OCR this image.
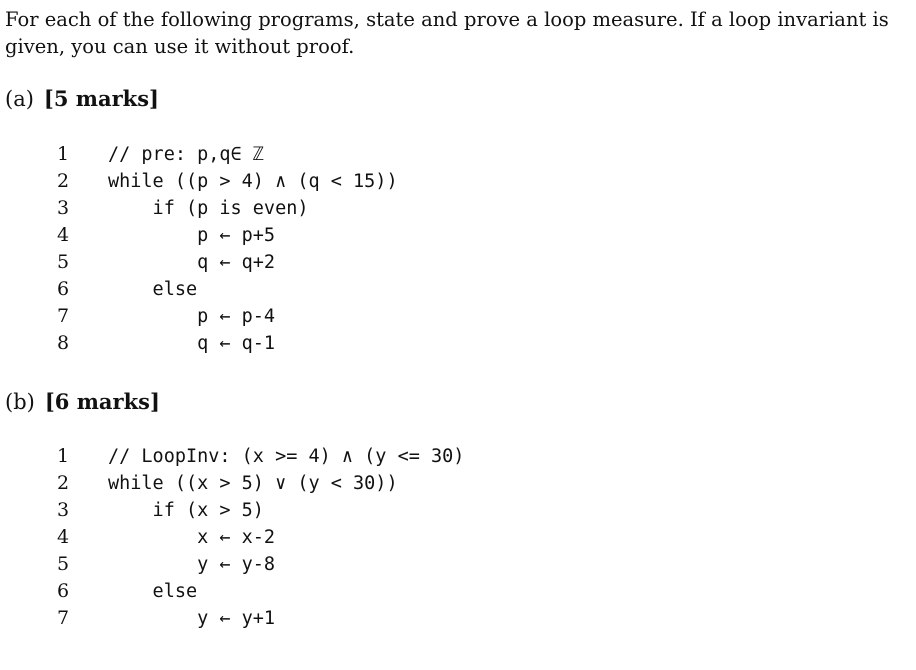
For each of the following programs, state and prove a loop measure. If a loop invariant is given, you can use it without proof.

(a) [5 marks]

1 // pre: p,q∈ ℤ
2 while ((p > 4) ∧ (q < 15))
3 if (p is even)
4 p ← p+5
5 q ← q+2
6 else
7 p ← p-4
8 q ← q-1

(b) [6 marks]

1 // LoopInv: (x >= 4) ∧ (y <= 30)
2 while ((x > 5) ∨ (y < 30))
3 if (x > 5)
4 x ← x-2
5 y ← y-8
6 else
7 y ← y+1
